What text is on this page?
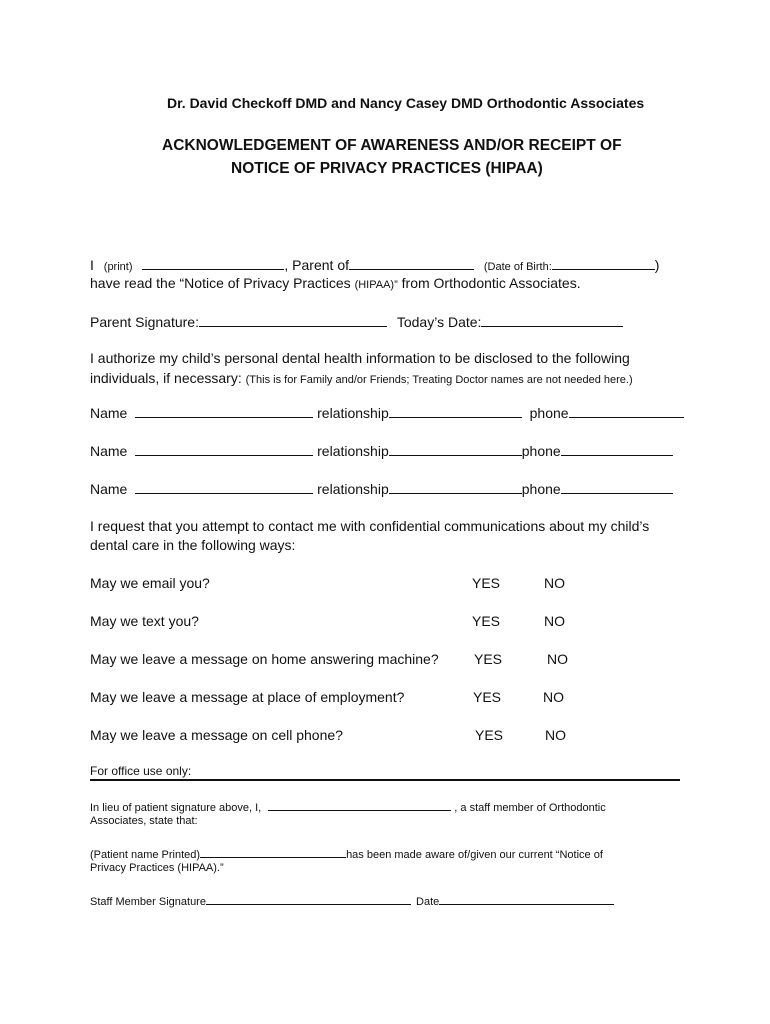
Dr. David Checkoff DMD and Nancy Casey DMD Orthodontic Associates
ACKNOWLEDGEMENT OF AWARENESS AND/OR RECEIPT OF
NOTICE OF PRIVACY PRACTICES (HIPAA)
I (print)	, Parent of	(Date of Birth:	)
have read the “Notice of Privacy Practices (HIPAA)” from Orthodontic Associates.
Parent Signature:	Today’s Date:
I authorize my child’s personal dental health information to be disclosed to the following
individuals, if necessary: (This is for Family and/or Friends; Treating Doctor names are not needed here.)
Name	relationship	phone
Name	relationship	phone
Name	relationship	phone
I request that you attempt to contact me with confidential communications about my child’s
dental care in the following ways:
May we email you?	YES	NO
May we text you?	YES	NO
May we leave a message on home answering machine?	YES	NO
May we leave a message at place of employment?	YES	NO
May we leave a message on cell phone?	YES	NO
For office use only:
In lieu of patient signature above, I,	, a staff member of Orthodontic
Associates, state that:
(Patient name Printed)	has been made aware of/given our current “Notice of
Privacy Practices (HIPAA).”
Staff Member Signature	Date
